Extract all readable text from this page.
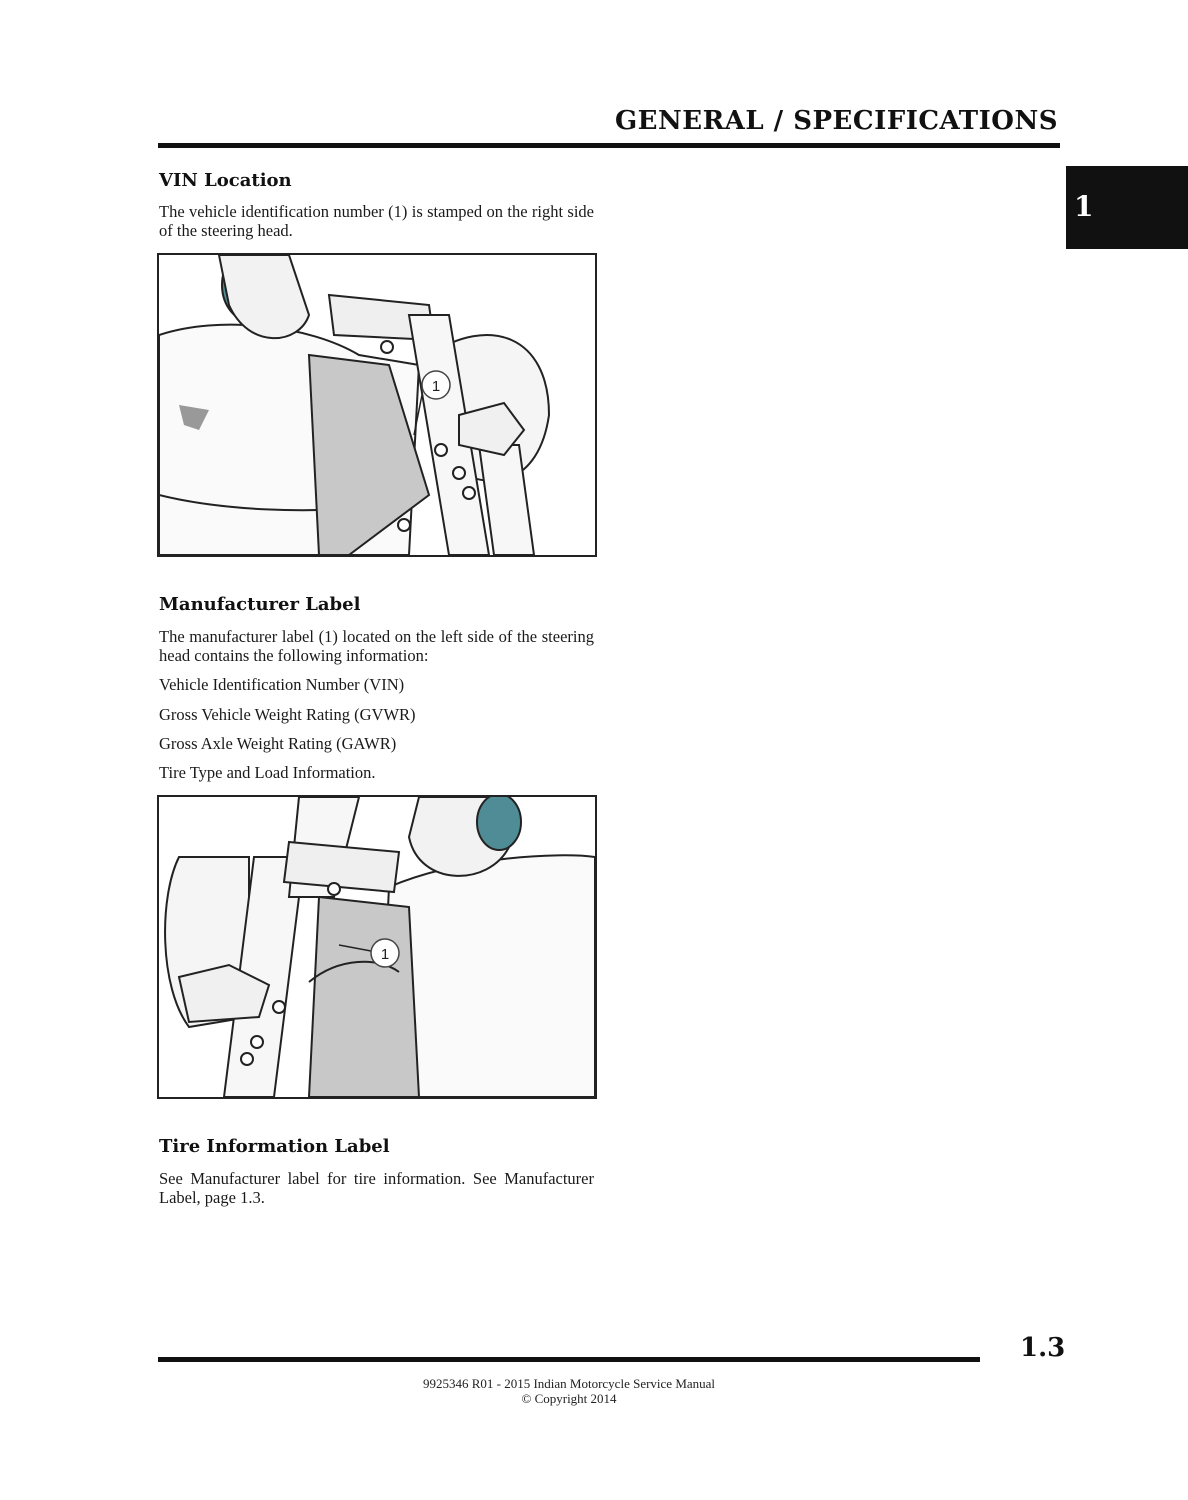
GENERAL / SPECIFICATIONS
1
VIN Location
The vehicle identification number (1) is stamped on the right side of the steering head.
1
Manufacturer Label
The manufacturer label (1) located on the left side of the steering head contains the following information:
Vehicle Identification Number (VIN)
Gross Vehicle Weight Rating (GVWR)
Gross Axle Weight Rating (GAWR)
Tire Type and Load Information.
1
Tire Information Label
See Manufacturer label for tire information. See Manufacturer Label, page 1.3.
1.3
9925346 R01 - 2015 Indian Motorcycle Service Manual
© Copyright 2014
